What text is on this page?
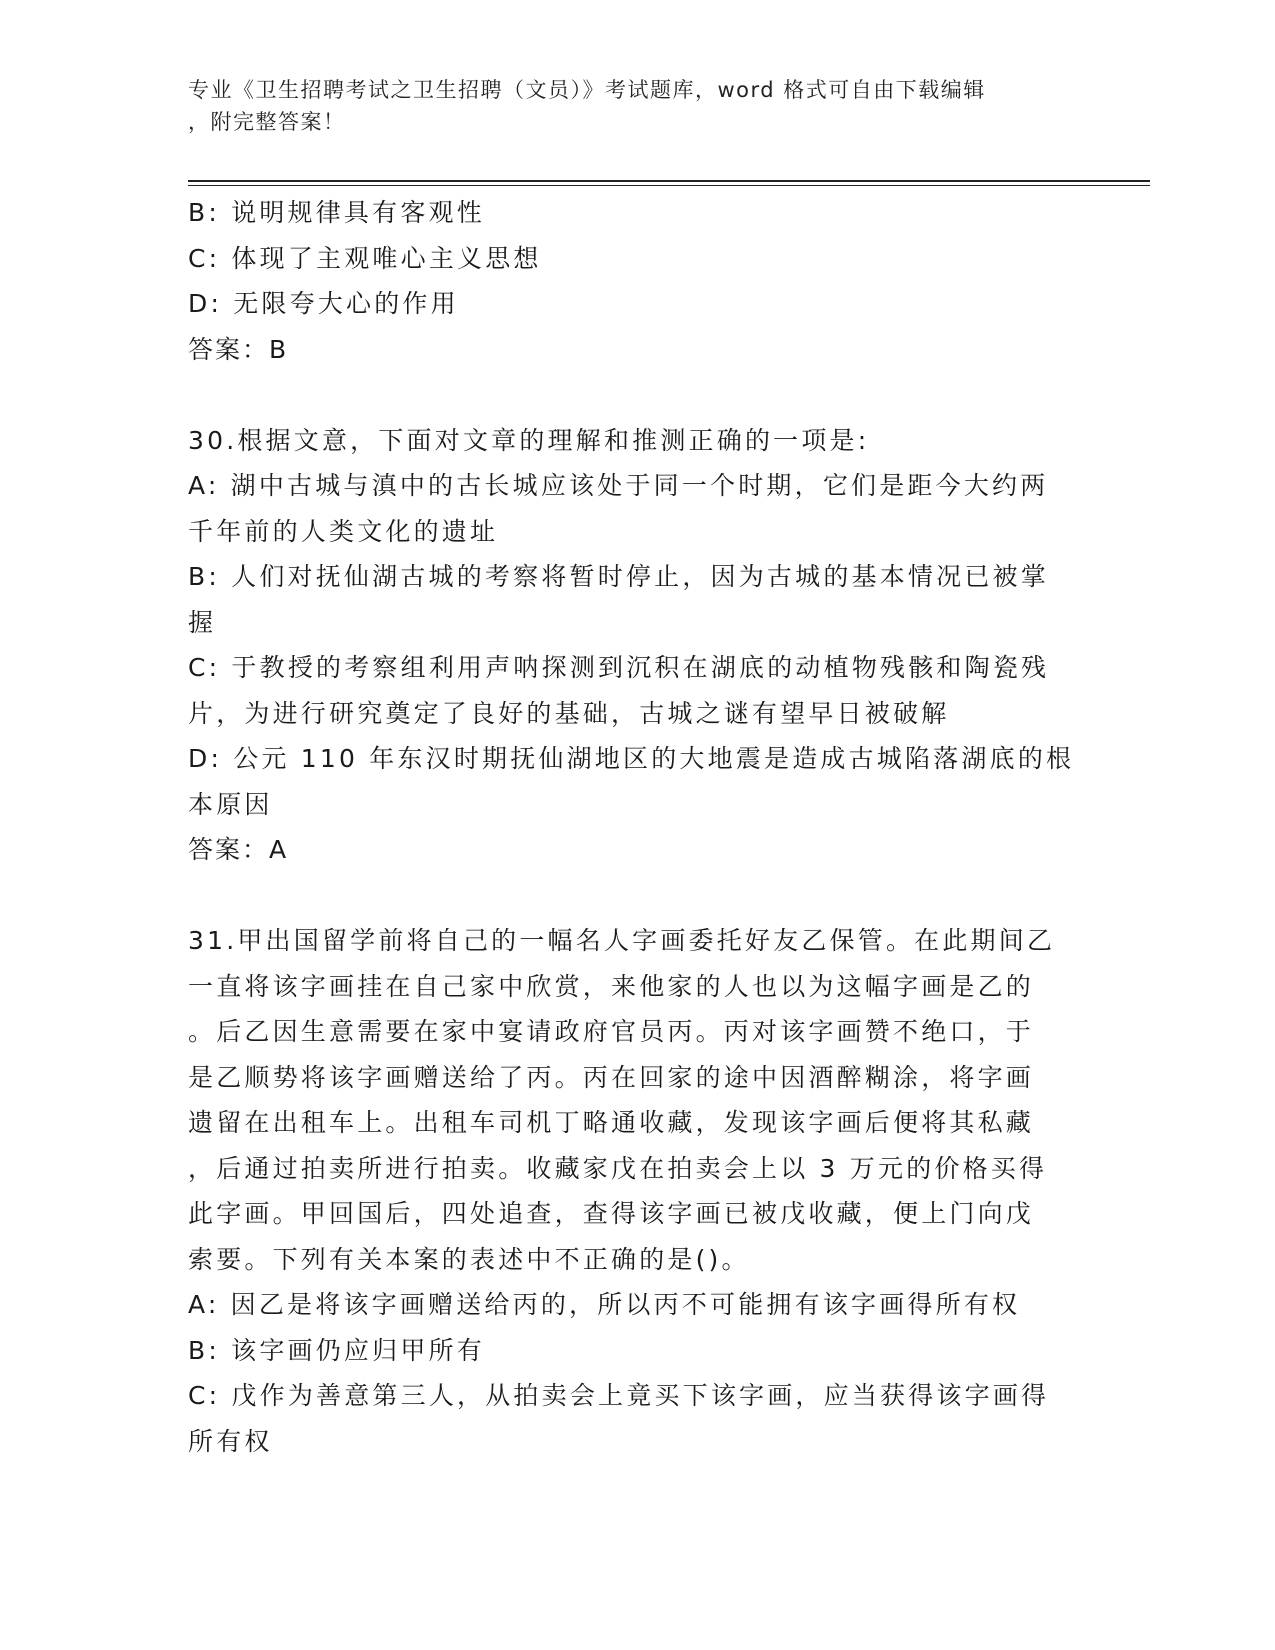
专业《卫生招聘考试之卫生招聘（文员）》考试题库，word 格式可自由下载编辑
，附完整答案！

B: 说明规律具有客观性

C: 体现了主观唯心主义思想

D: 无限夸大心的作用

答案：B

30.根据文意，下面对文章的理解和推测正确的一项是:

A: 湖中古城与滇中的古长城应该处于同一个时期，它们是距今大约两

千年前的人类文化的遗址

B: 人们对抚仙湖古城的考察将暂时停止，因为古城的基本情况已被掌

握

C: 于教授的考察组利用声呐探测到沉积在湖底的动植物残骸和陶瓷残

片，为进行研究奠定了良好的基础，古城之谜有望早日被破解

D: 公元 110 年东汉时期抚仙湖地区的大地震是造成古城陷落湖底的根

本原因

答案：A

31.甲出国留学前将自己的一幅名人字画委托好友乙保管。在此期间乙

一直将该字画挂在自己家中欣赏，来他家的人也以为这幅字画是乙的

。后乙因生意需要在家中宴请政府官员丙。丙对该字画赞不绝口，于

是乙顺势将该字画赠送给了丙。丙在回家的途中因酒醉糊涂，将字画

遗留在出租车上。出租车司机丁略通收藏，发现该字画后便将其私藏

，后通过拍卖所进行拍卖。收藏家戊在拍卖会上以 3 万元的价格买得

此字画。甲回国后，四处追查，查得该字画已被戊收藏，便上门向戊

索要。下列有关本案的表述中不正确的是()。

A: 因乙是将该字画赠送给丙的，所以丙不可能拥有该字画得所有权

B: 该字画仍应归甲所有

C: 戊作为善意第三人，从拍卖会上竟买下该字画，应当获得该字画得

所有权
